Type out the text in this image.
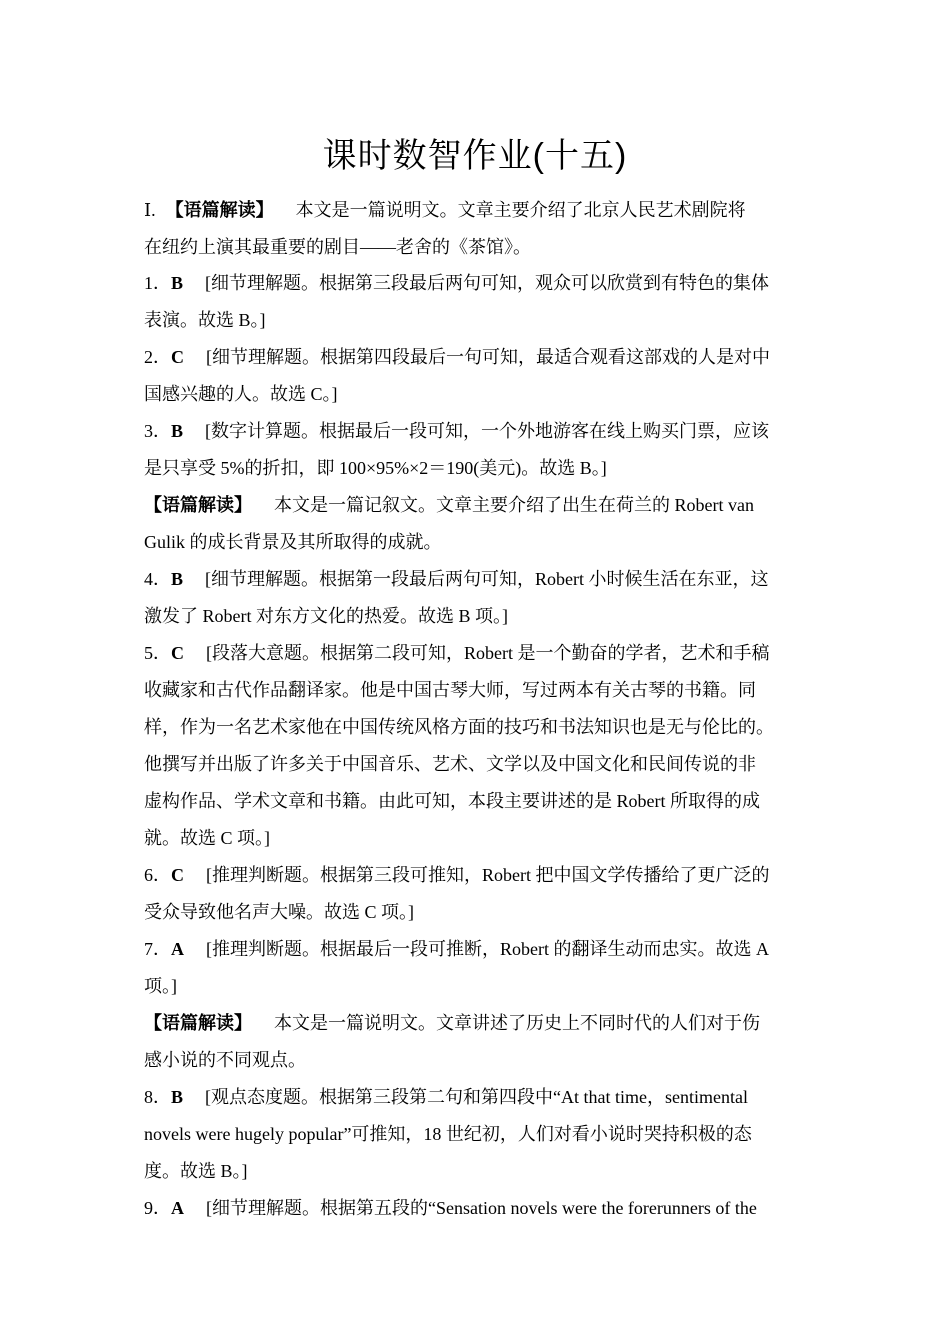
课时数智作业(十五)
Ⅰ. 【语篇解读】 本文是一篇说明文。文章主要介绍了北京人民艺术剧院将
在纽约上演其最重要的剧目——老舍的《茶馆》。
1．B [细节理解题。根据第三段最后两句可知，观众可以欣赏到有特色的集体
表演。故选 B。]
2．C [细节理解题。根据第四段最后一句可知，最适合观看这部戏的人是对中
国感兴趣的人。故选 C。]
3．B [数字计算题。根据最后一段可知，一个外地游客在线上购买门票，应该
是只享受 5%的折扣，即 100×95%×2＝190(美元)。故选 B。]
【语篇解读】 本文是一篇记叙文。文章主要介绍了出生在荷兰的 Robert van
Gulik 的成长背景及其所取得的成就。
4．B [细节理解题。根据第一段最后两句可知，Robert 小时候生活在东亚，这
激发了 Robert 对东方文化的热爱。故选 B 项。]
5．C [段落大意题。根据第二段可知，Robert 是一个勤奋的学者，艺术和手稿
收藏家和古代作品翻译家。他是中国古琴大师，写过两本有关古琴的书籍。同
样，作为一名艺术家他在中国传统风格方面的技巧和书法知识也是无与伦比的。
他撰写并出版了许多关于中国音乐、艺术、文学以及中国文化和民间传说的非
虚构作品、学术文章和书籍。由此可知，本段主要讲述的是 Robert 所取得的成
就。故选 C 项。]
6．C [推理判断题。根据第三段可推知，Robert 把中国文学传播给了更广泛的
受众导致他名声大噪。故选 C 项。]
7．A [推理判断题。根据最后一段可推断，Robert 的翻译生动而忠实。故选 A
项。]
【语篇解读】 本文是一篇说明文。文章讲述了历史上不同时代的人们对于伤
感小说的不同观点。
8．B [观点态度题。根据第三段第二句和第四段中“At that time，sentimental
novels were hugely popular”可推知，18 世纪初，人们对看小说时哭持积极的态
度。故选 B。]
9．A [细节理解题。根据第五段的“Sensation novels were the forerunners of the
